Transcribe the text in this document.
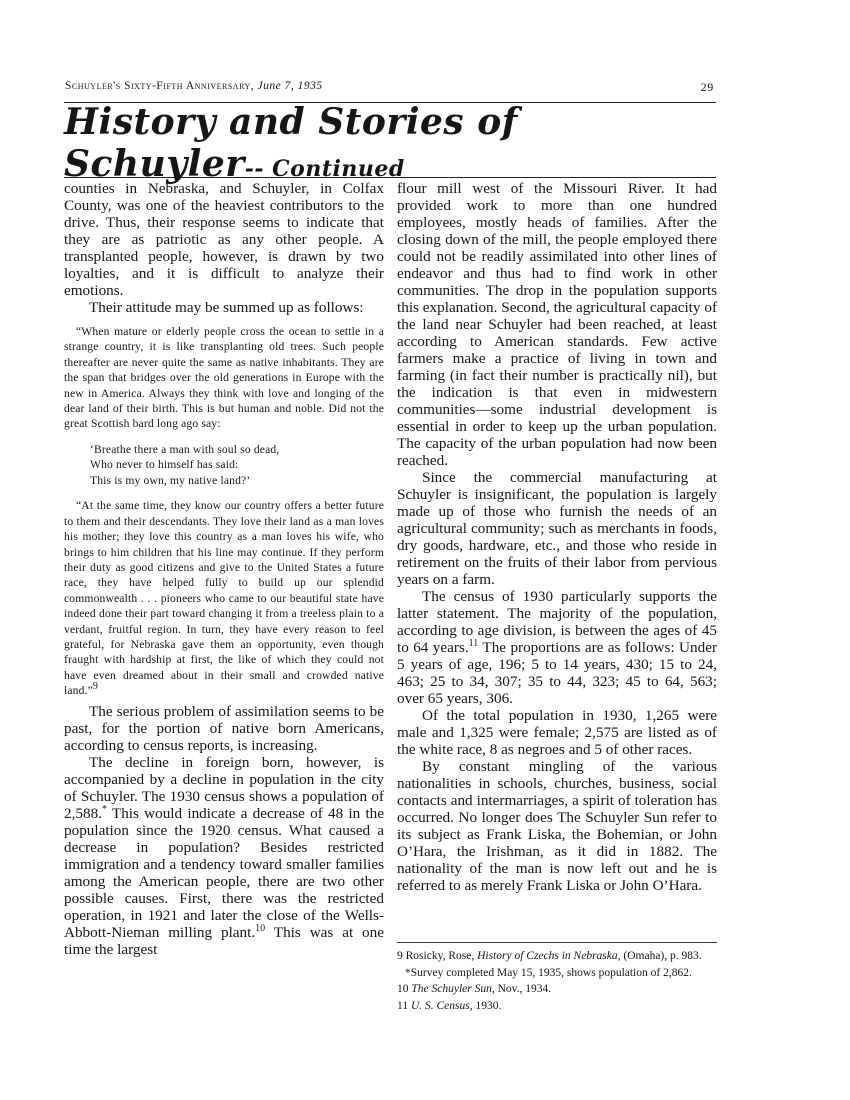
Schuyler's Sixty-Fifth Anniversary, June 7, 1935	29
History and Stories of Schuyler-- Continued

counties in Nebraska, and Schuyler, in Colfax County, was one of the heaviest contributors to the drive. Thus, their response seems to indicate that they are as patriotic as any other people. A transplanted people, however, is drawn by two loyalties, and it is difficult to analyze their emotions.

Their attitude may be summed up as follows:

“When mature or elderly people cross the ocean to settle in a strange country, it is like transplanting old trees. Such people thereafter are never quite the same as native inhabitants. They are the span that bridges over the old generations in Europe with the new in America. Always they think with love and longing of the dear land of their birth. This is but human and noble. Did not the great Scottish bard long ago say:

‘Breathe there a man with soul so dead,
Who never to himself has said:
This is my own, my native land?’

“At the same time, they know our country offers a better future to them and their descendants. They love their land as a man loves his mother; they love this country as a man loves his wife, who brings to him children that his line may continue. If they perform their duty as good citizens and give to the United States a future race, they have helped fully to build up our splendid commonwealth . . . pioneers who came to our beautiful state have indeed done their part toward changing it from a treeless plain to a verdant, fruitful region. In turn, they have every reason to feel grateful, for Nebraska gave them an opportunity, even though fraught with hardship at first, the like of which they could not have even dreamed about in their small and crowded native land.”$^9$

The serious problem of assimilation seems to be past, for the portion of native born Americans, according to census reports, is increasing.

The decline in foreign born, however, is accompanied by a decline in population in the city of Schuyler. The 1930 census shows a population of 2,588.* This would indicate a decrease of 48 in the population since the 1920 census. What caused a decrease in population? Besides restricted immigration and a tendency toward smaller families among the American people, there are two other possible causes. First, there was the restricted operation, in 1921 and later the close of the Wells-Abbott-Nieman milling plant.$^{10}$ This was at one time the largest

flour mill west of the Missouri River. It had provided work to more than one hundred employees, mostly heads of families. After the closing down of the mill, the people employed there could not be readily assimilated into other lines of endeavor and thus had to find work in other communities. The drop in the population supports this explanation. Second, the agricultural capacity of the land near Schuyler had been reached, at least according to American standards. Few active farmers make a practice of living in town and farming (in fact their number is practically nil), but the indication is that even in midwestern communities—some industrial development is essential in order to keep up the urban population. The capacity of the urban population had now been reached.

Since the commercial manufacturing at Schuyler is insignificant, the population is largely made up of those who furnish the needs of an agricultural community; such as merchants in foods, dry goods, hardware, etc., and those who reside in retirement on the fruits of their labor from pervious years on a farm.

The census of 1930 particularly supports the latter statement. The majority of the population, according to age division, is between the ages of 45 to 64 years.$^{11}$ The proportions are as follows: Under 5 years of age, 196; 5 to 14 years, 430; 15 to 24, 463; 25 to 34, 307; 35 to 44, 323; 45 to 64, 563; over 65 years, 306.

Of the total population in 1930, 1,265 were male and 1,325 were female; 2,575 are listed as of the white race, 8 as negroes and 5 of other races.

By constant mingling of the various nationalities in schools, churches, business, social contacts and intermarriages, a spirit of toleration has occurred. No longer does The Schuyler Sun refer to its subject as Frank Liska, the Bohemian, or John O’Hara, the Irishman, as it did in 1882. The nationality of the man is now left out and he is referred to as merely Frank Liska or John O’Hara.

9 Rosicky, Rose, History of Czechs in Nebraska, (Omaha), p. 983.
*Survey completed May 15, 1935, shows population of 2,862.
10 The Schuyler Sun, Nov., 1934.
11 U. S. Census, 1930.
